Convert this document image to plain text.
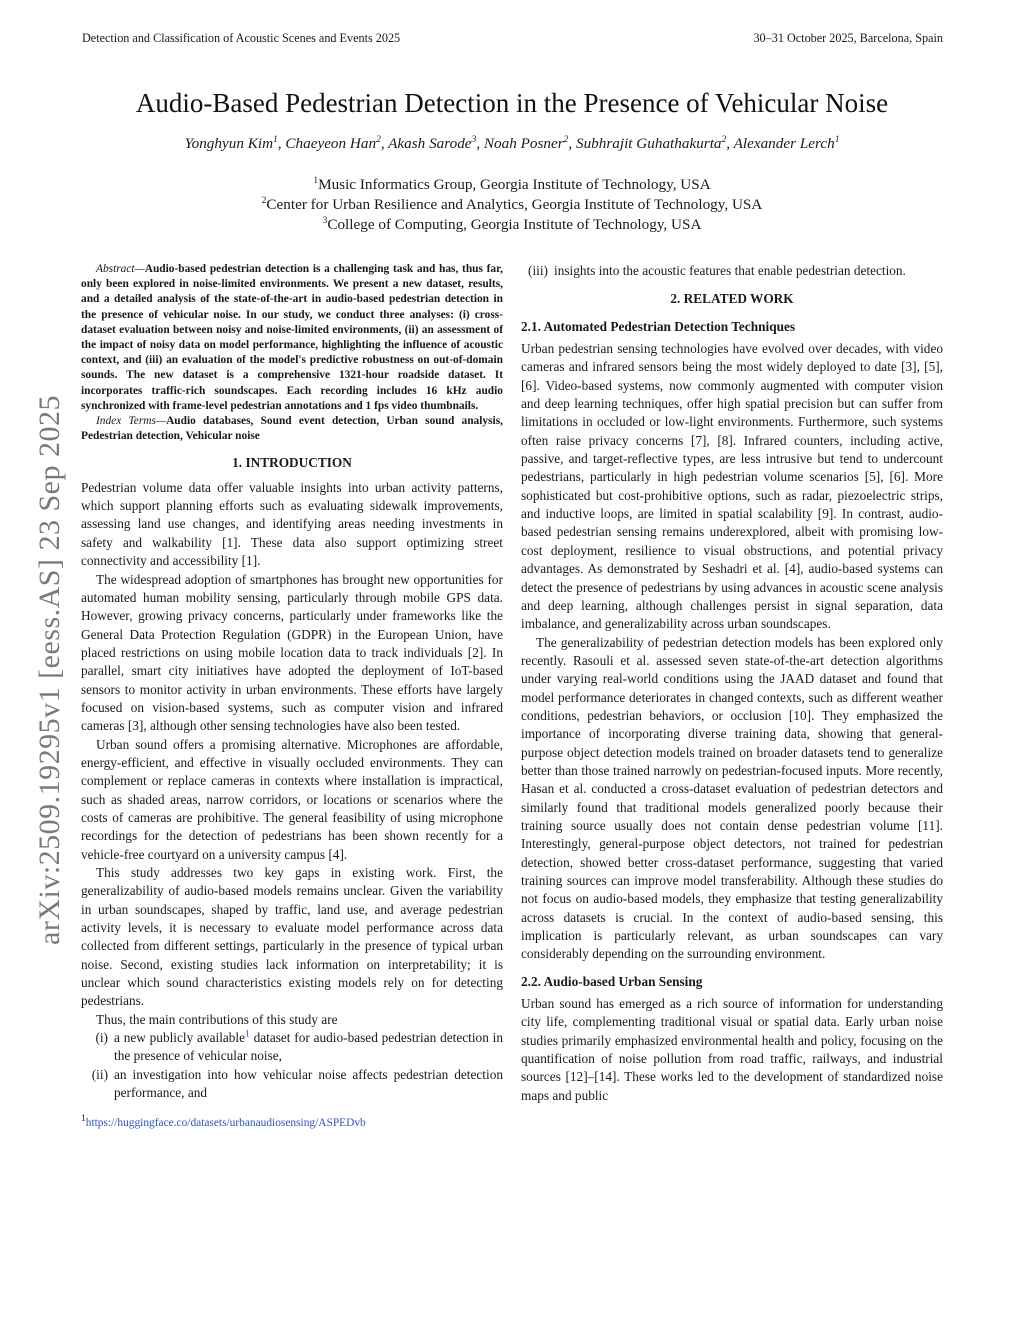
Detection and Classification of Acoustic Scenes and Events 2025	30–31 October 2025, Barcelona, Spain
arXiv:2509.19295v1 [eess.AS] 23 Sep 2025
Audio-Based Pedestrian Detection in the Presence of Vehicular Noise
Yonghyun Kim$^1$, Chaeyeon Han$^2$, Akash Sarode$^3$, Noah Posner$^2$, Subhrajit Guhathakurta$^2$, Alexander Lerch$^1$
$^1$Music Informatics Group, Georgia Institute of Technology, USA
$^2$Center for Urban Resilience and Analytics, Georgia Institute of Technology, USA
$^3$College of Computing, Georgia Institute of Technology, USA

Abstract—Audio-based pedestrian detection is a challenging task and has, thus far, only been explored in noise-limited environments. We present a new dataset, results, and a detailed analysis of the state-of-the-art in audio-based pedestrian detection in the presence of vehicular noise. In our study, we conduct three analyses: (i) cross-dataset evaluation between noisy and noise-limited environments, (ii) an assessment of the impact of noisy data on model performance, highlighting the influence of acoustic context, and (iii) an evaluation of the model's predictive robustness on out-of-domain sounds. The new dataset is a comprehensive 1321-hour roadside dataset. It incorporates traffic-rich soundscapes. Each recording includes 16 kHz audio synchronized with frame-level pedestrian annotations and 1 fps video thumbnails.

Index Terms—Audio databases, Sound event detection, Urban sound analysis, Pedestrian detection, Vehicular noise

1. INTRODUCTION

Pedestrian volume data offer valuable insights into urban activity patterns, which support planning efforts such as evaluating sidewalk improvements, assessing land use changes, and identifying areas needing investments in safety and walkability [1]. These data also support optimizing street connectivity and accessibility [1].

The widespread adoption of smartphones has brought new opportunities for automated human mobility sensing, particularly through mobile GPS data. However, growing privacy concerns, particularly under frameworks like the General Data Protection Regulation (GDPR) in the European Union, have placed restrictions on using mobile location data to track individuals [2]. In parallel, smart city initiatives have adopted the deployment of IoT-based sensors to monitor activity in urban environments. These efforts have largely focused on vision-based systems, such as computer vision and infrared cameras [3], although other sensing technologies have also been tested.

Urban sound offers a promising alternative. Microphones are affordable, energy-efficient, and effective in visually occluded environments. They can complement or replace cameras in contexts where installation is impractical, such as shaded areas, narrow corridors, or locations or scenarios where the costs of cameras are prohibitive. The general feasibility of using microphone recordings for the detection of pedestrians has been shown recently for a vehicle-free courtyard on a university campus [4].

This study addresses two key gaps in existing work. First, the generalizability of audio-based models remains unclear. Given the variability in urban soundscapes, shaped by traffic, land use, and average pedestrian activity levels, it is necessary to evaluate model performance across data collected from different settings, particularly in the presence of typical urban noise. Second, existing studies lack information on interpretability; it is unclear which sound characteristics existing models rely on for detecting pedestrians.

Thus, the main contributions of this study are

(i) a new publicly available$^1$ dataset for audio-based pedestrian detection in the presence of vehicular noise,
(ii) an investigation into how vehicular noise affects pedestrian detection performance, and
$^1$https://huggingface.co/datasets/urbanaudiosensing/ASPEDvb
(iii) insights into the acoustic features that enable pedestrian detection.
2. RELATED WORK
2.1. Automated Pedestrian Detection Techniques

Urban pedestrian sensing technologies have evolved over decades, with video cameras and infrared sensors being the most widely deployed to date [3], [5], [6]. Video-based systems, now commonly augmented with computer vision and deep learning techniques, offer high spatial precision but can suffer from limitations in occluded or low-light environments. Furthermore, such systems often raise privacy concerns [7], [8]. Infrared counters, including active, passive, and target-reflective types, are less intrusive but tend to undercount pedestrians, particularly in high pedestrian volume scenarios [5], [6]. More sophisticated but cost-prohibitive options, such as radar, piezoelectric strips, and inductive loops, are limited in spatial scalability [9]. In contrast, audio-based pedestrian sensing remains underexplored, albeit with promising low-cost deployment, resilience to visual obstructions, and potential privacy advantages. As demonstrated by Seshadri et al. [4], audio-based systems can detect the presence of pedestrians by using advances in acoustic scene analysis and deep learning, although challenges persist in signal separation, data imbalance, and generalizability across urban soundscapes.

The generalizability of pedestrian detection models has been explored only recently. Rasouli et al. assessed seven state-of-the-art detection algorithms under varying real-world conditions using the JAAD dataset and found that model performance deteriorates in changed contexts, such as different weather conditions, pedestrian behaviors, or occlusion [10]. They emphasized the importance of incorporating diverse training data, showing that general-purpose object detection models trained on broader datasets tend to generalize better than those trained narrowly on pedestrian-focused inputs. More recently, Hasan et al. conducted a cross-dataset evaluation of pedestrian detectors and similarly found that traditional models generalized poorly because their training source usually does not contain dense pedestrian volume [11]. Interestingly, general-purpose object detectors, not trained for pedestrian detection, showed better cross-dataset performance, suggesting that varied training sources can improve model transferability. Although these studies do not focus on audio-based models, they emphasize that testing generalizability across datasets is crucial. In the context of audio-based sensing, this implication is particularly relevant, as urban soundscapes can vary considerably depending on the surrounding environment.

2.2. Audio-based Urban Sensing

Urban sound has emerged as a rich source of information for understanding city life, complementing traditional visual or spatial data. Early urban noise studies primarily emphasized environmental health and policy, focusing on the quantification of noise pollution from road traffic, railways, and industrial sources [12]–[14]. These works led to the development of standardized noise maps and public
